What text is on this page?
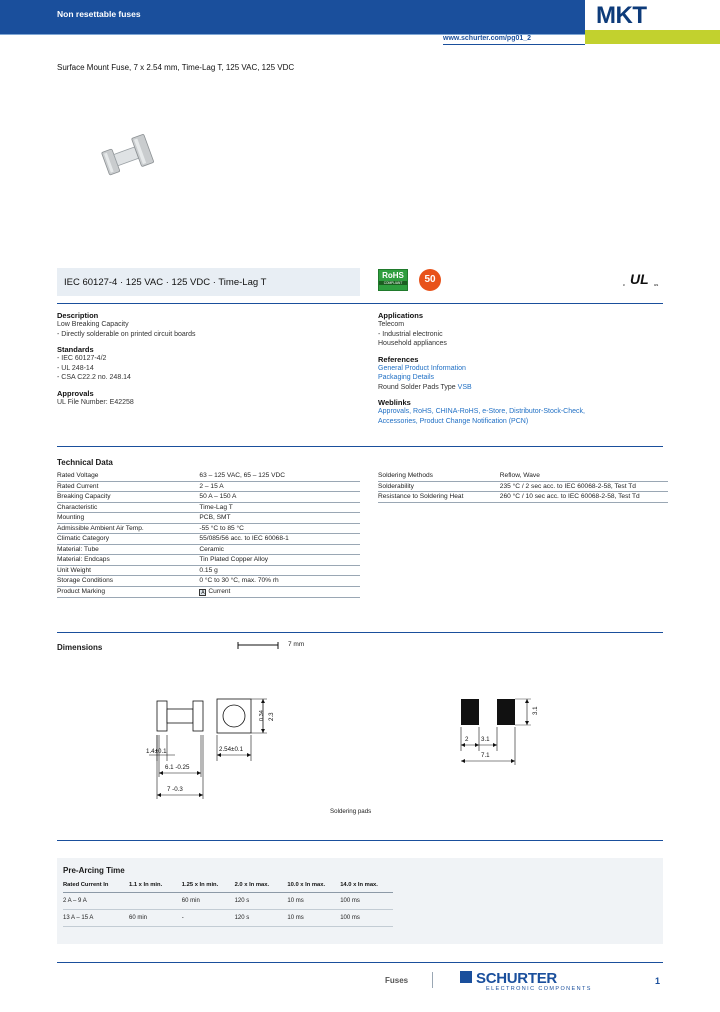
Non resettable fuses	MKT
www.schurter.com/pg01_2
Surface Mount Fuse, 7 x 2.54 mm, Time-Lag T, 125 VAC, 125 VDC
IEC 60127-4 · 125 VAC · 125 VDC · Time-Lag T
RoHS
COMPLIANT	50	UL
c	us
Description
Low Breaking Capacity
- Directly solderable on printed circuit boards
Standards
- IEC 60127-4/2
- UL 248-14
- CSA C22.2 no. 248.14
Approvals
UL File Number: E42258
Applications
Telecom
- Industrial electronic
Household appliances
References
General Product Information
Packaging Details
Round Solder Pads Type VSB
Weblinks
Approvals, RoHS, CHINA-RoHS, e-Store, Distributor-Stock-Check,
Accessories, Product Change Notification (PCN)
Technical Data
Rated Voltage	63 – 125 VAC, 65 – 125 VDC
Rated Current	2 – 15 A
Breaking Capacity	50 A – 150 A
Characteristic	Time-Lag T
Mounting	PCB, SMT
Admissible Ambient Air Temp.	-55 °C to 85 °C
Climatic Category	55/085/56 acc. to IEC 60068-1
Material: Tube	Ceramic
Material: Endcaps	Tin Plated Copper Alloy
Unit Weight	0.15 g
Storage Conditions	0 °C to 30 °C, max. 70% rh
Product Marking	A Current
Soldering Methods	Reflow, Wave
Solderability	235 °C / 2 sec acc. to IEC 60068-2-58, Test Td
Resistance to Soldering Heat	260 °C / 10 sec acc. to IEC 60068-2-58, Test Td
Dimensions	7 mm
2.3
0.34
1.4±0.1	2.54±0.1
6.1 -0.25
7 -0.3
2 3.1
7.1
3.1
Soldering pads
Pre-Arcing Time
Rated Current In	1.1 x In min.	1.25 x In min.	2.0 x In max.	10.0 x In max.	14.0 x In max.
2 A – 9 A		60 min	120 s	10 ms	100 ms
13 A – 15 A	60 min	-	120 s	10 ms	100 ms
Fuses	SCHURTER
ELECTRONIC COMPONENTS
1
